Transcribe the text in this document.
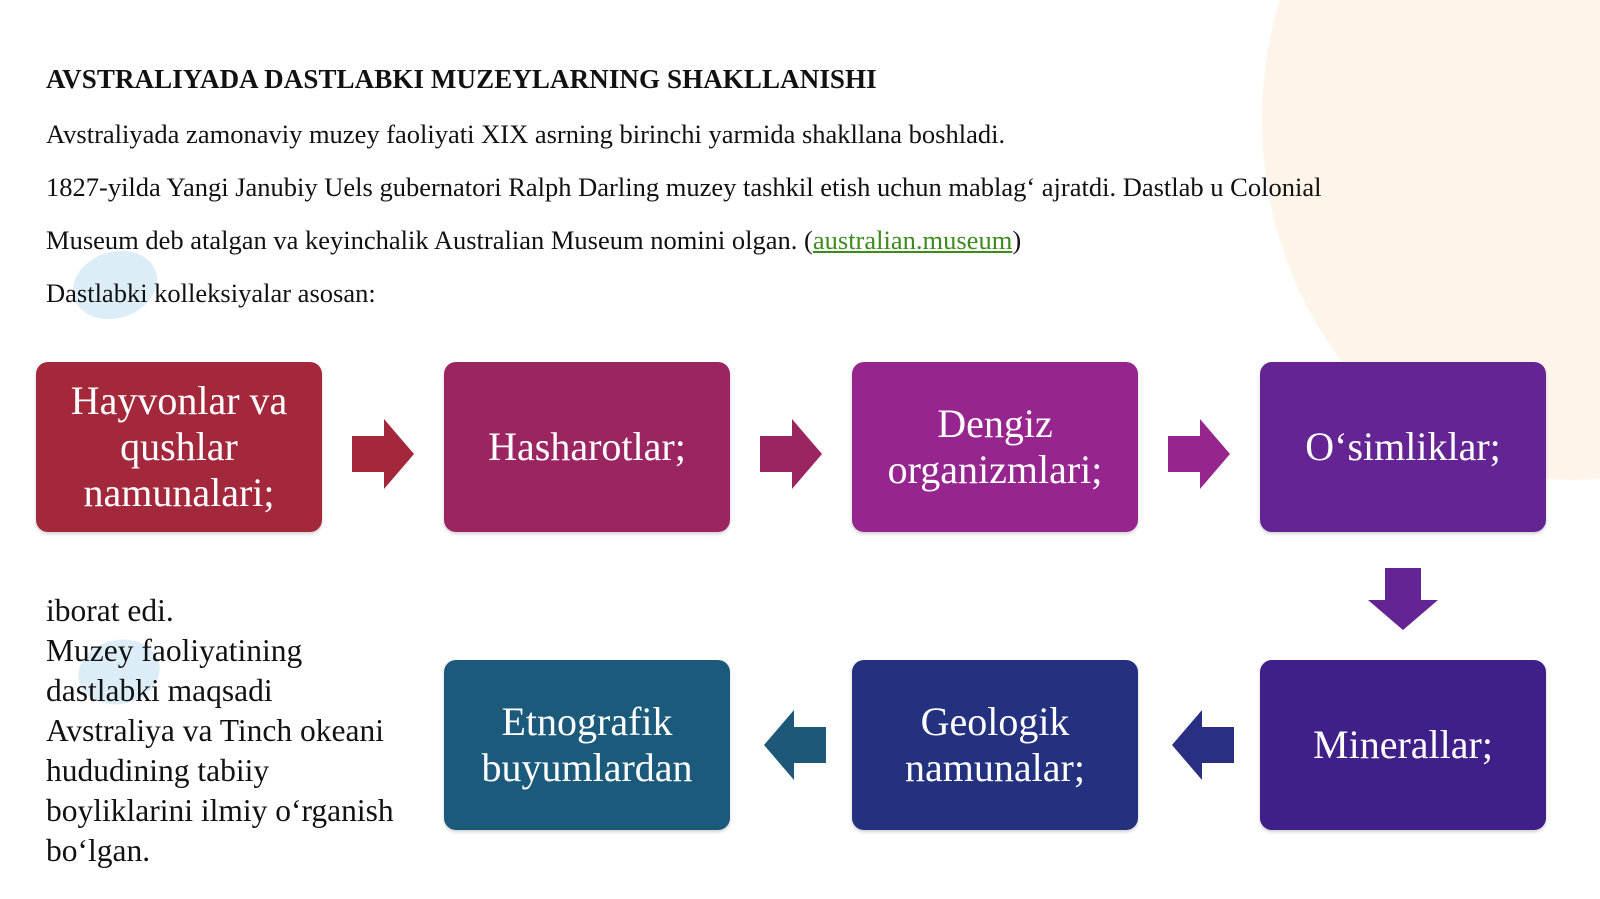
AVSTRALIYADA DASTLABKI MUZEYLARNING SHAKLLANISHI
Avstraliyada zamonaviy muzey faoliyati XIX asrning birinchi yarmida shakllana boshladi.
1827-yilda Yangi Janubiy Uels gubernatori Ralph Darling muzey tashkil etish uchun mablag‘ ajratdi. Dastlab u Colonial
Museum deb atalgan va keyinchalik Australian Museum nomini olgan. (australian.museum)
Dastlabki kolleksiyalar asosan:
Hayvonlar va qushlar namunalari;
Hasharotlar;
Dengiz organizmlari;
O‘simliklar;
Minerallar;
Geologik namunalar;
Etnografik buyumlardan
iborat edi.
Muzey faoliyatining
dastlabki maqsadi
Avstraliya va Tinch okeani
hududining tabiiy
boyliklarini ilmiy o‘rganish
bo‘lgan.
